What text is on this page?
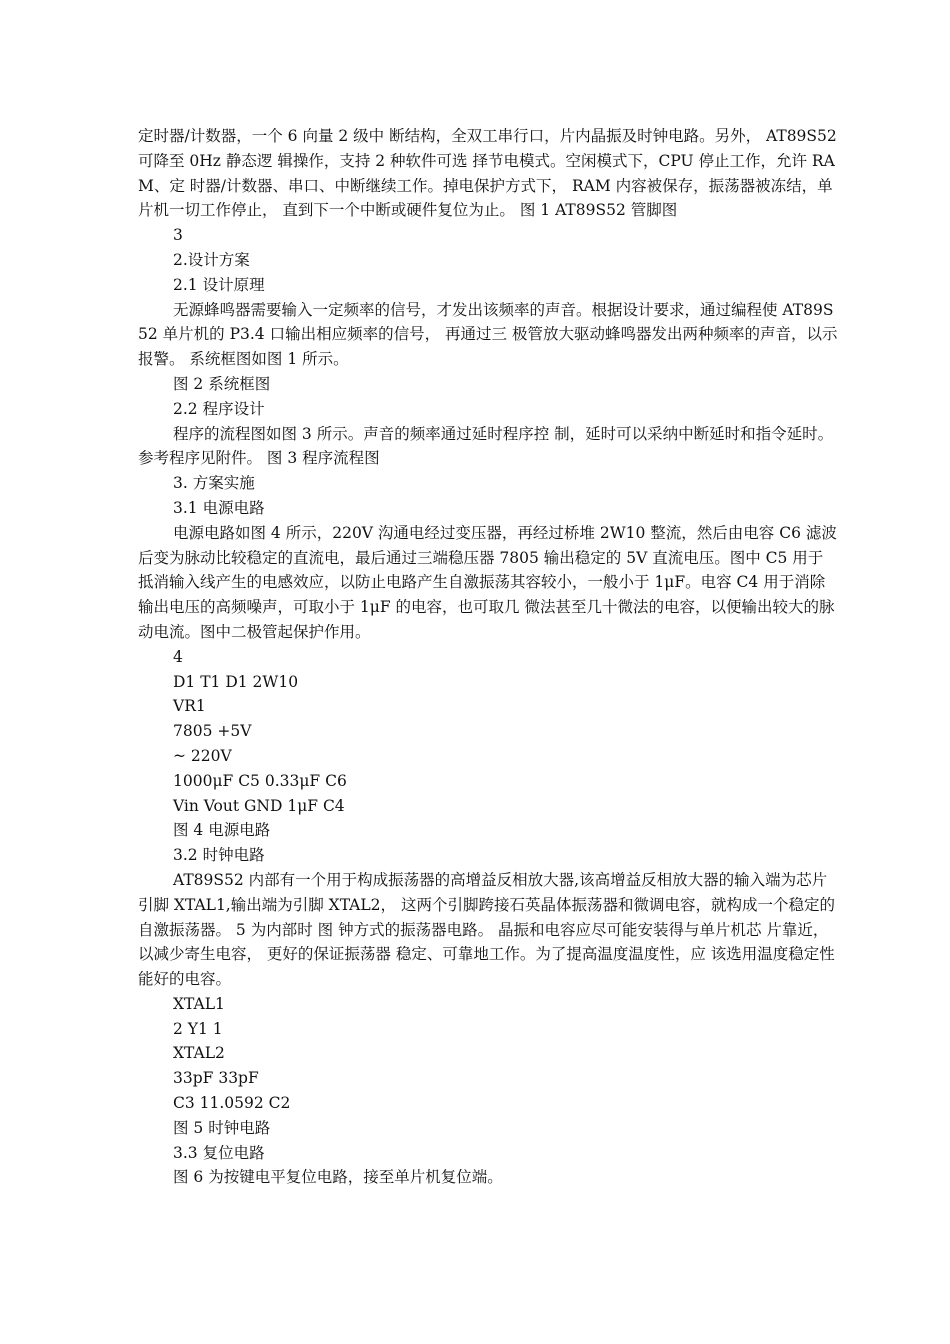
定时器/计数器，一个 6 向量 2 级中 断结构，全双工串行口，片内晶振及时钟电路。另外， AT89S52 可降至 0Hz 静态逻 辑操作，支持 2 种软件可选 择节电模式。空闲模式下，CPU 停止工作，允许 RAM、定 时器/计数器、串口、中断继续工作。掉电保护方式下， RAM 内容被保存，振荡器被冻结，单片机一切工作停止， 直到下一个中断或硬件复位为止。 图 1 AT89S52 管脚图

3

2.设计方案

2.1 设计原理

无源蜂鸣器需要输入一定频率的信号，才发出该频率的声音。根据设计要求，通过编程使 AT89S52 单片机的 P3.4 口输出相应频率的信号， 再通过三 极管放大驱动蜂鸣器发出两种频率的声音，以示报警。 系统框图如图 1 所示。

图 2 系统框图

2.2 程序设计

程序的流程图如图 3 所示。声音的频率通过延时程序控 制，延时可以采纳中断延时和指令延时。 参考程序见附件。 图 3 程序流程图

3. 方案实施

3.1 电源电路

电源电路如图 4 所示，220V 沟通电经过变压器，再经过桥堆 2W10 整流，然后由电容 C6 滤波后变为脉动比较稳定的直流电，最后通过三端稳压器 7805 输出稳定的 5V 直流电压。图中 C5 用于抵消输入线产生的电感效应，以防止电路产生自激振荡其容较小，一般小于 1μF。电容 C4 用于消除输出电压的高频噪声，可取小于 1μF 的电容，也可取几 微法甚至几十微法的电容，以便输出较大的脉动电流。图中二极管起保护作用。

4

D1 T1 D1 2W10

VR1

7805 +5V

~ 220V

1000μF C5 0.33μF C6

Vin Vout GND 1μF C4

图 4 电源电路

3.2 时钟电路

AT89S52 内部有一个用于构成振荡器的高增益反相放大器,该高增益反相放大器的输入端为芯片引脚 XTAL1,输出端为引脚 XTAL2， 这两个引脚跨接石英晶体振荡器和微调电容，就构成一个稳定的自激振荡器。 5 为内部时 图 钟方式的振荡器电路。 晶振和电容应尽可能安装得与单片机芯 片靠近， 以减少寄生电容， 更好的保证振荡器 稳定、可靠地工作。为了提高温度温度性，应 该选用温度稳定性能好的电容。

XTAL1

2 Y1 1

XTAL2

33pF 33pF

C3 11.0592 C2

图 5 时钟电路

3.3 复位电路

图 6 为按键电平复位电路，接至单片机复位端。
